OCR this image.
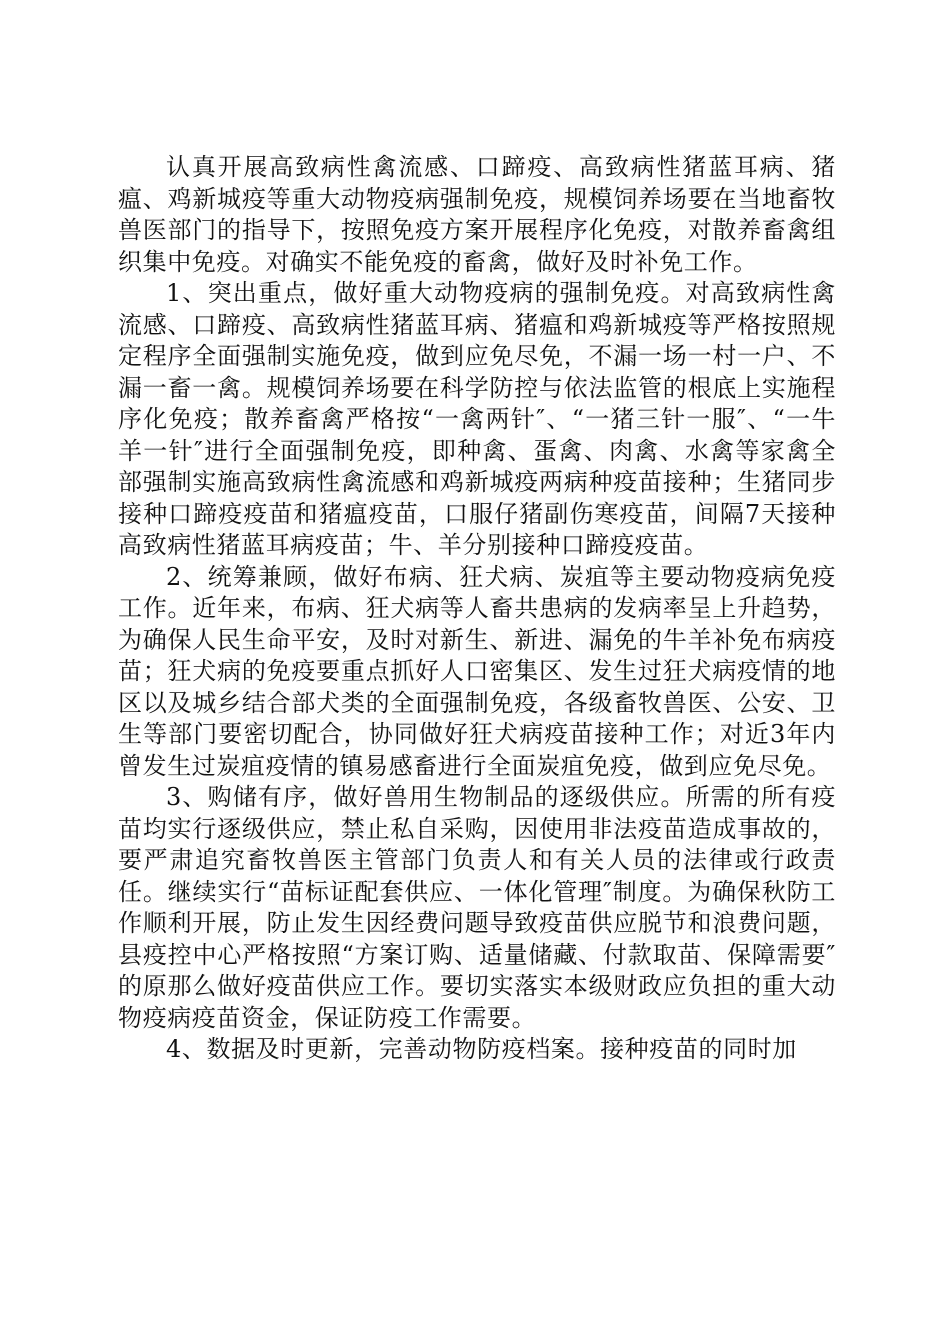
认真开展高致病性禽流感、口蹄疫、高致病性猪蓝耳病、猪瘟、鸡新城疫等重大动物疫病强制免疫，规模饲养场要在当地畜牧兽医部门的指导下，按照免疫方案开展程序化免疫，对散养畜禽组织集中免疫。对确实不能免疫的畜禽，做好及时补免工作。

1、突出重点，做好重大动物疫病的强制免疫。对高致病性禽流感、口蹄疫、高致病性猪蓝耳病、猪瘟和鸡新城疫等严格按照规定程序全面强制实施免疫，做到应免尽免，不漏一场一村一户、不漏一畜一禽。规模饲养场要在科学防控与依法监管的根底上实施程序化免疫；散养畜禽严格按“一禽两针″、“一猪三针一服″、“一牛羊一针″进行全面强制免疫，即种禽、蛋禽、肉禽、水禽等家禽全部强制实施高致病性禽流感和鸡新城疫两病种疫苗接种；生猪同步接种口蹄疫疫苗和猪瘟疫苗，口服仔猪副伤寒疫苗，间隔7天接种高致病性猪蓝耳病疫苗；牛、羊分别接种口蹄疫疫苗。

2、统筹兼顾，做好布病、狂犬病、炭疽等主要动物疫病免疫工作。近年来，布病、狂犬病等人畜共患病的发病率呈上升趋势，为确保人民生命平安，及时对新生、新进、漏免的牛羊补免布病疫苗；狂犬病的免疫要重点抓好人口密集区、发生过狂犬病疫情的地区以及城乡结合部犬类的全面强制免疫，各级畜牧兽医、公安、卫生等部门要密切配合，协同做好狂犬病疫苗接种工作；对近3年内曾发生过炭疽疫情的镇易感畜进行全面炭疽免疫，做到应免尽免。

3、购储有序，做好兽用生物制品的逐级供应。所需的所有疫苗均实行逐级供应，禁止私自采购，因使用非法疫苗造成事故的，要严肃追究畜牧兽医主管部门负责人和有关人员的法律或行政责任。继续实行“苗标证配套供应、一体化管理″制度。为确保秋防工作顺利开展，防止发生因经费问题导致疫苗供应脱节和浪费问题，县疫控中心严格按照“方案订购、适量储藏、付款取苗、保障需要″的原那么做好疫苗供应工作。要切实落实本级财政应负担的重大动物疫病疫苗资金，保证防疫工作需要。

4、数据及时更新，完善动物防疫档案。接种疫苗的同时加
